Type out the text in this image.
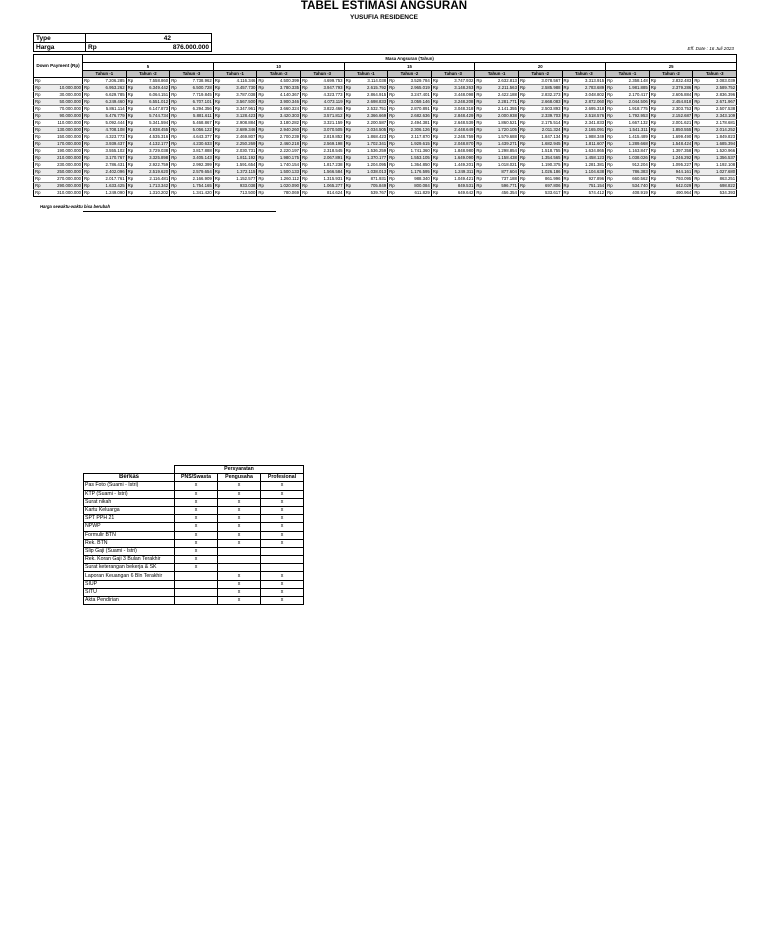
TABEL ESTIMASI ANGSURAN
YUSUFIA RESIDENCE
Type	42	
Harga	Rp	876.000.000	Eff. Date : 16 Juli 2023
Down Payment (Rp)		Masa Angsuran (Tahun)																													
		5						10						15						20						25					
		Tahun -1		Tahun -2		Tahun -3		Tahun -1		Tahun -2		Tahun -3		Tahun -1		Tahun -2		Tahun -3		Tahun -1		Tahun -2		Tahun -3		Tahun -1		Tahun -2		Tahun -3	
Rp		Rp	7.206.285	Rp	7.558.860	Rp	7.738.962	Rp	4.116.346	Rp	4.500.399	Rp	4.699.753	Rp	3.114.038	Rp	3.529.784	Rp	3.747.932	Rp	2.632.813	Rp	3.078.567	Rp	3.313.915	Rp	2.358.148	Rp	2.832.483	Rp	3.083.039
Rp	10.000.000	Rp	6.953.262	Rp	6.349.442	Rp	6.500.728	Rp	3.457.730	Rp	3.780.335	Rp	3.947.793	Rp	2.615.792	Rp	2.965.019	Rp	3.148.263	Rp	2.211.563	Rp	2.585.988	Rp	2.783.689	Rp	1.981.885	Rp	2.379.286	Rp	2.589.752
Rp	30.000.000	Rp	6.629.785	Rp	6.064.151	Rp	7.719.845	Rp	3.787.038	Rp	4.140.367	Rp	4.323.773	Rp	2.864.915	Rp	3.247.401	Rp	3.448.098	Rp	2.422.188	Rp	2.832.273	Rp	3.048.802	Rp	2.170.417	Rp	2.605.884	Rp	2.836.396
Rp	50.000.000	Rp	6.249.460	Rp	6.551.012	Rp	6.707.101	Rp	3.567.500	Rp	3.900.346	Rp	4.073.119	Rp	2.698.833	Rp	3.059.146	Rp	3.248.208	Rp	2.281.771	Rp	2.668.083	Rp	2.872.060	Rp	2.044.506	Rp	2.454.818	Rp	2.671.967
Rp	70.000.000	Rp	5.861.114	Rp	6.147.873	Rp	6.294.356	Rp	3.347.961	Rp	3.660.324	Rp	3.822.466	Rp	2.532.751	Rp	2.870.891	Rp	3.048.318	Rp	2.141.355	Rp	2.503.893	Rp	2.695.318	Rp	1.918.775	Rp	2.303.753	Rp	2.507.538
Rp	90.000.000	Rp	5.476.779	Rp	5.744.734	Rp	5.881.611	Rp	3.128.423	Rp	3.420.303	Rp	3.571.812	Rp	2.366.669	Rp	2.682.636	Rp	2.848.429	Rp	2.000.938	Rp	2.339.703	Rp	2.518.576	Rp	1.792.953	Rp	2.152.687	Rp	2.343.109
Rp	110.000.000	Rp	5.092.444	Rp	5.341.594	Rp	5.468.867	Rp	2.908.884	Rp	3.180.282	Rp	3.321.159	Rp	2.200.587	Rp	2.494.381	Rp	2.648.539	Rp	1.860.521	Rp	2.175.514	Rp	2.341.833	Rp	1.667.132	Rp	2.001.621	Rp	2.178.681
Rp	130.000.000	Rp	4.708.108	Rp	4.938.455	Rp	5.056.122	Rp	2.689.346	Rp	2.940.260	Rp	3.070.505	Rp	2.034.505	Rp	2.306.126	Rp	2.448.649	Rp	1.720.105	Rp	2.011.324	Rp	2.165.091	Rp	1.541.311	Rp	1.850.555	Rp	2.014.252
Rp	150.000.000	Rp	4.323.773	Rp	4.535.316	Rp	4.643.377	Rp	2.469.807	Rp	2.700.239	Rp	2.819.852	Rp	1.868.423	Rp	2.117.870	Rp	2.248.759	Rp	1.579.688	Rp	1.847.134	Rp	1.988.349	Rp	1.415.489	Rp	1.699.490	Rp	1.849.823
Rp	170.000.000	Rp	3.939.437	Rp	4.132.177	Rp	4.230.633	Rp	2.250.269	Rp	2.460.218	Rp	2.569.198	Rp	1.702.341	Rp	1.929.615	Rp	2.048.870	Rp	1.439.271	Rp	1.682.945	Rp	1.811.607	Rp	1.289.668	Rp	1.548.424	Rp	1.685.394
Rp	190.000.000	Rp	3.555.102	Rp	3.729.038	Rp	3.817.888	Rp	2.030.731	Rp	2.220.197	Rp	2.318.545	Rp	1.536.259	Rp	1.741.360	Rp	1.848.980	Rp	1.298.854	Rp	1.518.755	Rp	1.634.865	Rp	1.163.847	Rp	1.397.358	Rp	1.520.966
Rp	210.000.000	Rp	3.170.767	Rp	3.325.898	Rp	3.405.143	Rp	1.811.192	Rp	1.980.175	Rp	2.067.891	Rp	1.370.177	Rp	1.553.105	Rp	1.649.090	Rp	1.158.438	Rp	1.354.565	Rp	1.458.123	Rp	1.038.026	Rp	1.246.292	Rp	1.356.537
Rp	230.000.000	Rp	2.786.431	Rp	2.922.759	Rp	2.992.399	Rp	1.591.654	Rp	1.740.154	Rp	1.817.238	Rp	1.204.095	Rp	1.364.850	Rp	1.449.201	Rp	1.018.021	Rp	1.190.375	Rp	1.281.381	Rp	912.204	Rp	1.095.227	Rp	1.192.108
Rp	250.000.000	Rp	2.402.096	Rp	2.519.620	Rp	2.579.654	Rp	1.372.115	Rp	1.500.133	Rp	1.566.584	Rp	1.038.013	Rp	1.176.595	Rp	1.249.311	Rp	877.604	Rp	1.026.186	Rp	1.104.638	Rp	786.383	Rp	944.161	Rp	1.027.680
Rp	270.000.000	Rp	2.017.761	Rp	2.116.481	Rp	2.166.909	Rp	1.152.577	Rp	1.260.112	Rp	1.315.931	Rp	871.931	Rp	988.340	Rp	1.049.421	Rp	737.188	Rp	861.996	Rp	927.896	Rp	660.562	Rp	793.095	Rp	863.251
Rp	290.000.000	Rp	1.633.425	Rp	1.713.342	Rp	1.754.165	Rp	933.038	Rp	1.020.090	Rp	1.065.277	Rp	705.849	Rp	800.084	Rp	849.531	Rp	596.771	Rp	697.806	Rp	751.154	Rp	534.740	Rp	642.029	Rp	698.822
Rp	310.000.000	Rp	1.249.090	Rp	1.310.202	Rp	1.341.420	Rp	713.500	Rp	780.069	Rp	814.624	Rp	539.767	Rp	611.829	Rp	649.642	Rp	456.354	Rp	533.617	Rp	574.412	Rp	408.919	Rp	490.964	Rp	534.393
Harga sewaktu-waktu bisa berubah
	Persyaratan		
Berkas	PNS/Swasta	Pengusaha	Profesional
Pas Foto (Suami - Istri)	x	x	x
KTP (Suami - Istri)	x	x	x
Surat nikah	x	x	x
Kartu Keluarga	x	x	x
SPT PPH 21	x	x	x
NPWP	x	x	x
Formulir BTN	x	x	x
Rek. BTN	x	x	x
Slip Gaji (Suami - Istri)	x		
Rek. Koran Gaji 3 Bulan Terakhir	x		
Surat keterangan bekerja & SK	x		
Laporan Keuangan 6 Bln Terakhir		x	x
SIUP		x	x
SITU		x	x
Akta Pendirian		x	x
